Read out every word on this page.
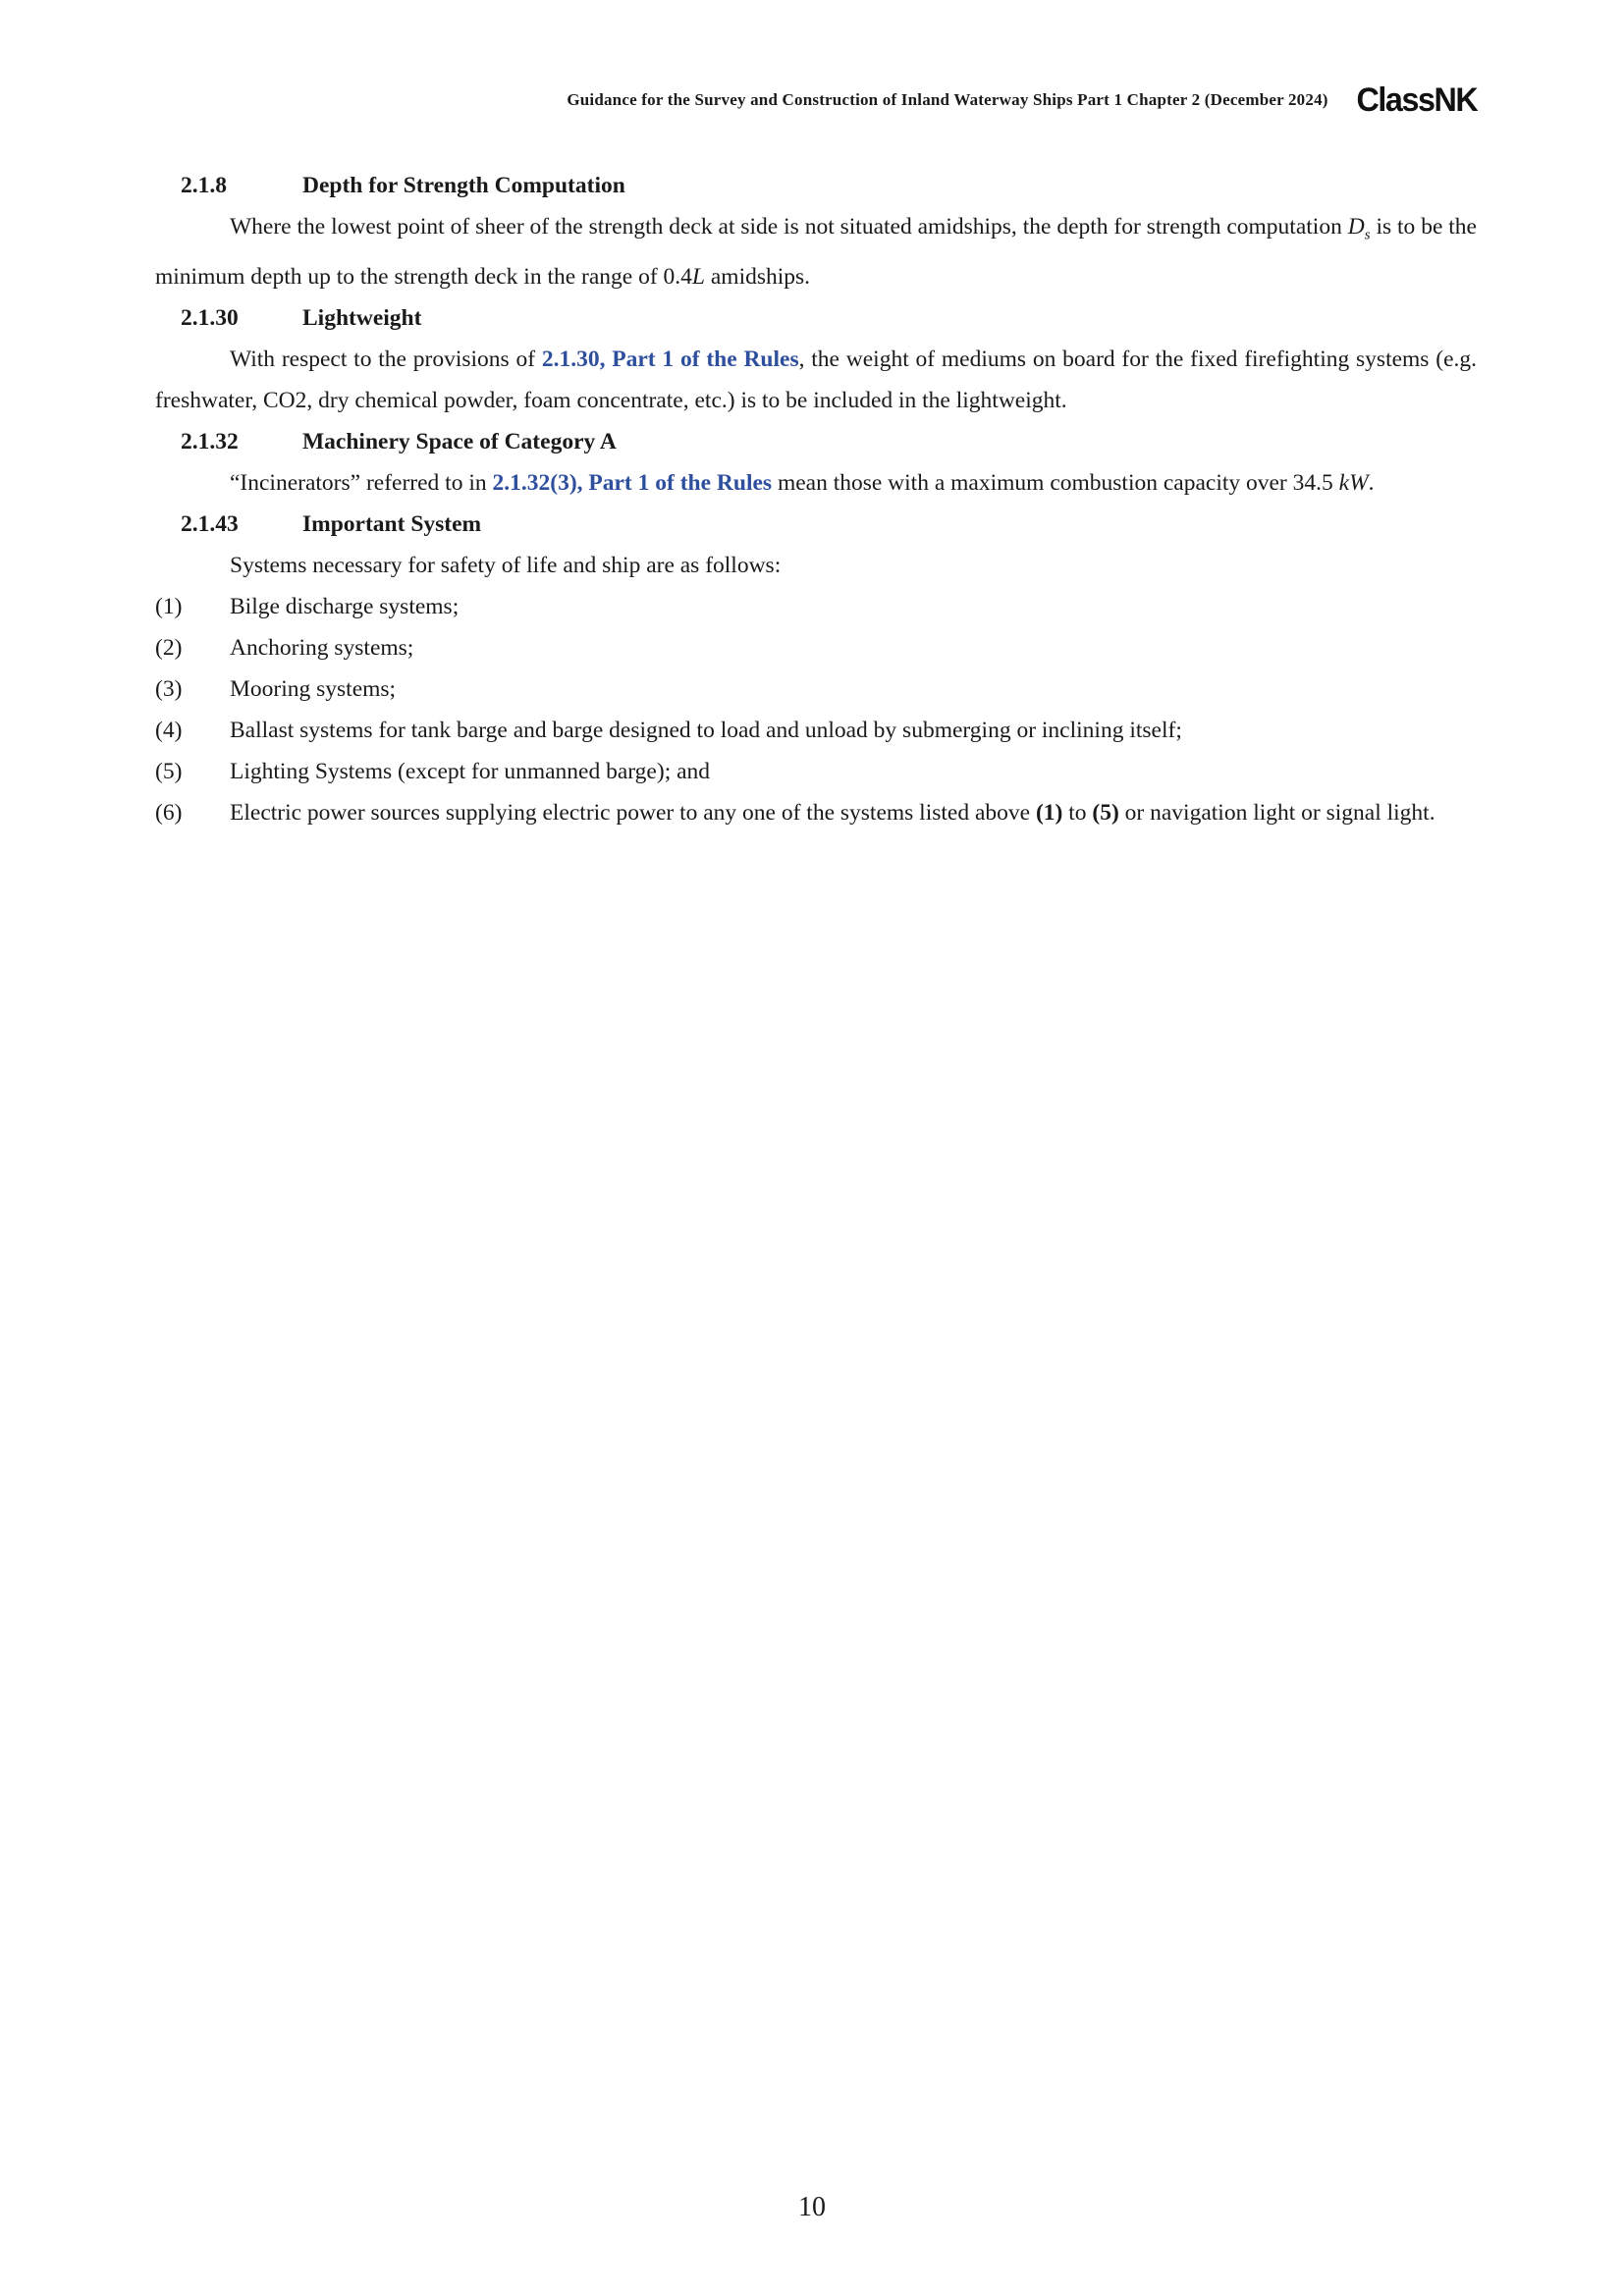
Guidance for the Survey and Construction of Inland Waterway Ships Part 1 Chapter 2 (December 2024) ClassNK
2.1.8	Depth for Strength Computation
Where the lowest point of sheer of the strength deck at side is not situated amidships, the depth for strength computation $D_s$ is to be the minimum depth up to the strength deck in the range of 0.4L amidships.
2.1.30	Lightweight
With respect to the provisions of 2.1.30, Part 1 of the Rules, the weight of mediums on board for the fixed firefighting systems (e.g. freshwater, CO2, dry chemical powder, foam concentrate, etc.) is to be included in the lightweight.
2.1.32	Machinery Space of Category A
“Incinerators” referred to in 2.1.32(3), Part 1 of the Rules mean those with a maximum combustion capacity over 34.5 kW.
2.1.43	Important System
Systems necessary for safety of life and ship are as follows:
(1)	Bilge discharge systems;
(2)	Anchoring systems;
(3)	Mooring systems;
(4)	Ballast systems for tank barge and barge designed to load and unload by submerging or inclining itself;
(5)	Lighting Systems (except for unmanned barge); and
(6)	Electric power sources supplying electric power to any one of the systems listed above (1) to (5) or navigation light or signal light.
10
